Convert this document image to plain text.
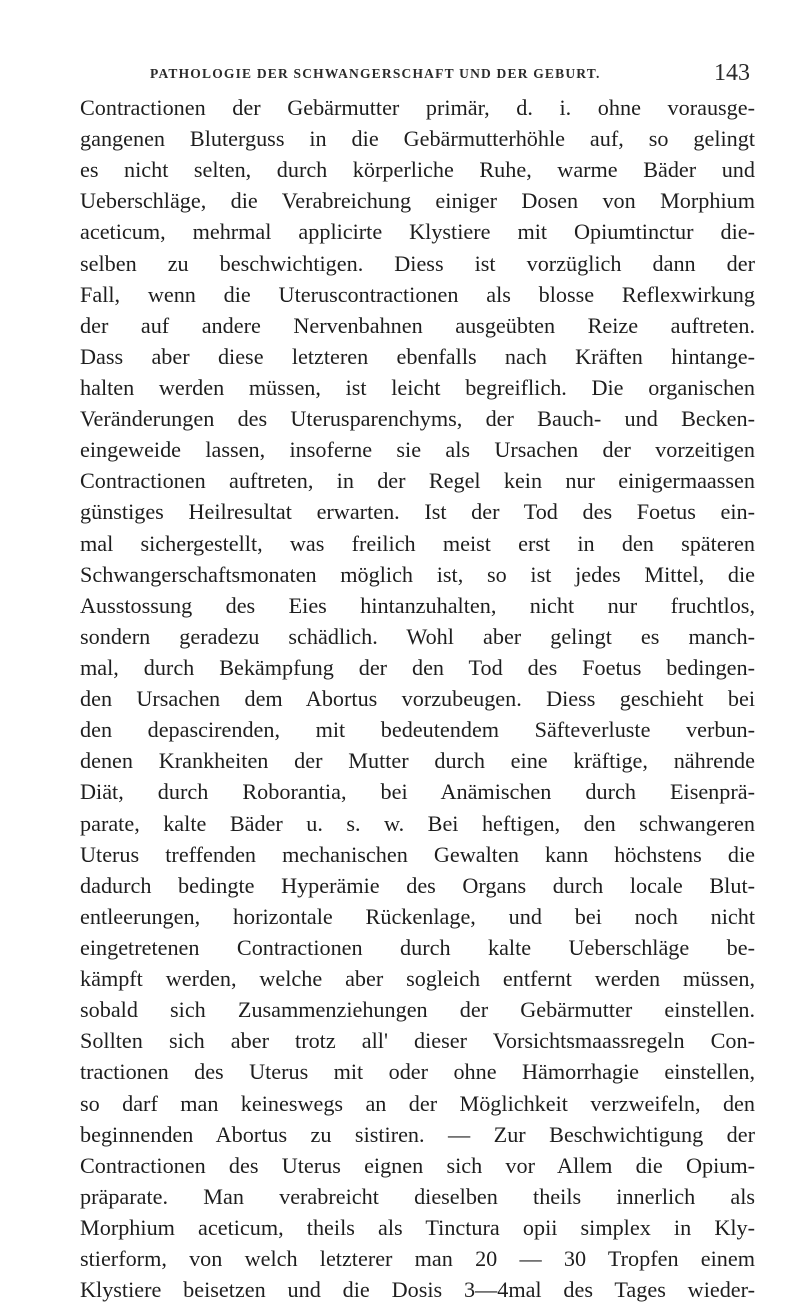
PATHOLOGIE DER SCHWANGERSCHAFT UND DER GEBURT.	143
Contractionen der Gebärmutter primär, d. i. ohne vorausge-
gangenen Bluterguss in die Gebärmutterhöhle auf, so gelingt
es nicht selten, durch körperliche Ruhe, warme Bäder und
Ueberschläge, die Verabreichung einiger Dosen von Morphium
aceticum, mehrmal applicirte Klystiere mit Opiumtinctur die-
selben zu beschwichtigen. Diess ist vorzüglich dann der
Fall, wenn die Uteruscontractionen als blosse Reflexwirkung
der auf andere Nervenbahnen ausgeübten Reize auftreten.
Dass aber diese letzteren ebenfalls nach Kräften hintange-
halten werden müssen, ist leicht begreiflich. Die organischen
Veränderungen des Uterusparenchyms, der Bauch- und Becken-
eingeweide lassen, insoferne sie als Ursachen der vorzeitigen
Contractionen auftreten, in der Regel kein nur einigermaassen
günstiges Heilresultat erwarten. Ist der Tod des Foetus ein-
mal sichergestellt, was freilich meist erst in den späteren
Schwangerschaftsmonaten möglich ist, so ist jedes Mittel, die
Ausstossung des Eies hintanzuhalten, nicht nur fruchtlos,
sondern geradezu schädlich. Wohl aber gelingt es manch-
mal, durch Bekämpfung der den Tod des Foetus bedingen-
den Ursachen dem Abortus vorzubeugen. Diess geschieht bei
den depascirenden, mit bedeutendem Säfteverluste verbun-
denen Krankheiten der Mutter durch eine kräftige, nährende
Diät, durch Roborantia, bei Anämischen durch Eisenprä-
parate, kalte Bäder u. s. w. Bei heftigen, den schwangeren
Uterus treffenden mechanischen Gewalten kann höchstens die
dadurch bedingte Hyperämie des Organs durch locale Blut-
entleerungen, horizontale Rückenlage, und bei noch nicht
eingetretenen Contractionen durch kalte Ueberschläge be-
kämpft werden, welche aber sogleich entfernt werden müssen,
sobald sich Zusammenziehungen der Gebärmutter einstellen.
Sollten sich aber trotz all' dieser Vorsichtsmaassregeln Con-
tractionen des Uterus mit oder ohne Hämorrhagie einstellen,
so darf man keineswegs an der Möglichkeit verzweifeln, den
beginnenden Abortus zu sistiren. — Zur Beschwichtigung der
Contractionen des Uterus eignen sich vor Allem die Opium-
präparate. Man verabreicht dieselben theils innerlich als
Morphium aceticum, theils als Tinctura opii simplex in Kly-
stierform, von welch letzterer man 20 — 30 Tropfen einem
Klystiere beisetzen und die Dosis 3—4mal des Tages wieder-
